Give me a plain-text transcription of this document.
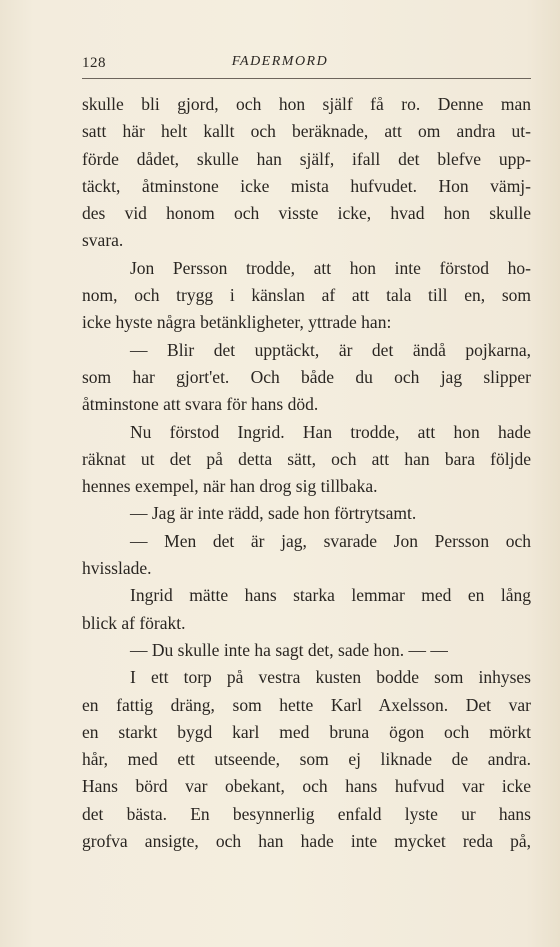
128	FADERMORD
skulle bli gjord, och hon själf få ro. Denne man
satt här helt kallt och beräknade, att om andra ut-
förde dådet, skulle han själf, ifall det blefve upp-
täckt, åtminstone icke mista hufvudet. Hon vämj-
des vid honom och visste icke, hvad hon skulle
svara.
Jon Persson trodde, att hon inte förstod ho-
nom, och trygg i känslan af att tala till en, som
icke hyste några betänkligheter, yttrade han:
— Blir det upptäckt, är det ändå pojkarna,
som har gjort'et. Och både du och jag slipper
åtminstone att svara för hans död.
Nu förstod Ingrid. Han trodde, att hon hade
räknat ut det på detta sätt, och att han bara följde
hennes exempel, när han drog sig tillbaka.
— Jag är inte rädd, sade hon förtrytsamt.
— Men det är jag, svarade Jon Persson och
hvisslade.
Ingrid mätte hans starka lemmar med en lång
blick af förakt.
— Du skulle inte ha sagt det, sade hon. — —
I ett torp på vestra kusten bodde som inhyses
en fattig dräng, som hette Karl Axelsson. Det var
en starkt bygd karl med bruna ögon och mörkt
hår, med ett utseende, som ej liknade de andra.
Hans börd var obekant, och hans hufvud var icke
det bästa. En besynnerlig enfald lyste ur hans
grofva ansigte, och han hade inte mycket reda på,
